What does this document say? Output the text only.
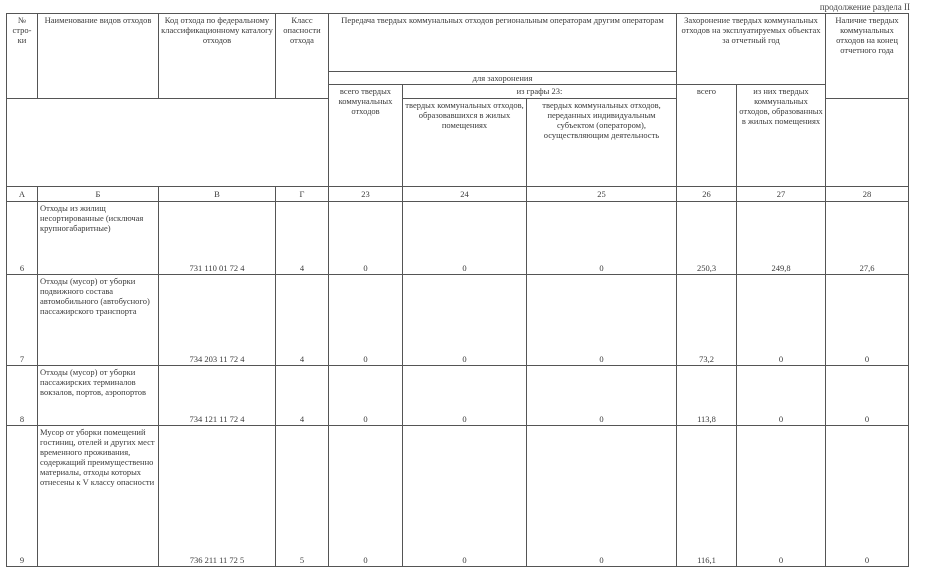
продолжение раздела II
№ стро-ки	Наименование видов отходов	Код отхода по федеральному классификационному каталогу отходов	Класс опасности отхода	Передача твердых коммунальных отходов региональным операторам другим операторам			Захоронение твердых коммунальных отходов на эксплуатируемых объектах за отчетный год		Наличие твердых коммунальных отходов на конец отчетного года
				для захоронения					
				всего твердых коммунальных отходов	из графы 23:		всего	из них твердых коммунальных отходов, образованных в жилых помещениях	
					твердых коммунальных отходов, образовавшихся в жилых помещениях	твердых коммунальных отходов, переданных индивидуальным субъектом (оператором), осуществляющим деятельность			
А	Б	В	Г	23	24	25	26	27	28
6	Отходы из жилищ несортированные (исключая крупногабаритные)	731 110 01 72 4	4	0	0	0	250,3	249,8	27,6
7	Отходы (мусор) от уборки подвижного состава автомобильного (автобусного) пассажирского транспорта	734 203 11 72 4	4	0	0	0	73,2	0	0
8	Отходы (мусор) от уборки пассажирских терминалов вокзалов, портов, аэропортов	734 121 11 72 4	4	0	0	0	113,8	0	0
9	Мусор от уборки помещений гостиниц, отелей и других мест временного проживания, содержащий преимущественно материалы, отходы которых отнесены к V классу опасности	736 211 11 72 5	5	0	0	0	116,1	0	0
